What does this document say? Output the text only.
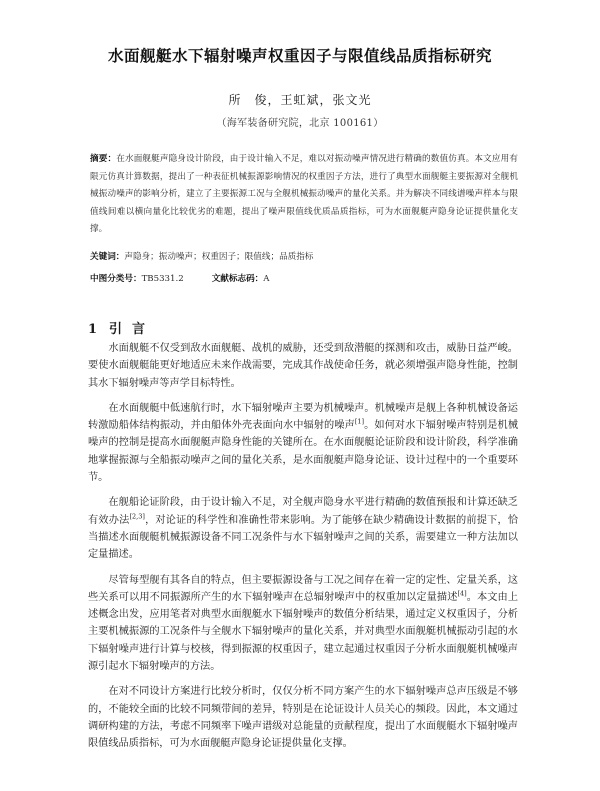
水面舰艇水下辐射噪声权重因子与限值线品质指标研究
所　俊，王虹斌，张文光
（海军装备研究院，北京 100161）
摘要：在水面舰艇声隐身设计阶段，由于设计输入不足，难以对振动噪声情况进行精确的数值仿真。本文应用有限元仿真计算数据，提出了一种表征机械振源影响情况的权重因子方法，进行了典型水面舰艇主要振源对全舰机械振动噪声的影响分析，建立了主要振源工况与全舰机械振动噪声的量化关系。并为解决不同线谱噪声样本与限值线间难以横向量化比较优劣的难题，提出了噪声限值线优质品质指标，可为水面舰艇声隐身论证提供量化支撑。
关键词：声隐身；振动噪声；权重因子；限值线；品质指标
中图分类号：TB5331.2	文献标志码：A
1 引言

水面舰艇不仅受到敌水面舰艇、战机的威胁，还受到敌潜艇的探测和攻击，威胁日益严峻。要使水面舰艇能更好地适应未来作战需要，完成其作战使命任务，就必须增强声隐身性能，控制其水下辐射噪声等声学目标特性。

在水面舰艇中低速航行时，水下辐射噪声主要为机械噪声。机械噪声是舰上各种机械设备运转激励船体结构振动，并由船体外壳表面向水中辐射的噪声[1]。如何对水下辐射噪声特别是机械噪声的控制是提高水面舰艇声隐身性能的关键所在。在水面舰艇论证阶段和设计阶段，科学准确地掌握振源与全船振动噪声之间的量化关系，是水面舰艇声隐身论证、设计过程中的一个重要环节。

在舰船论证阶段，由于设计输入不足，对全舰声隐身水平进行精确的数值预报和计算还缺乏有效办法[2,3]，对论证的科学性和准确性带来影响。为了能够在缺少精确设计数据的前提下，恰当描述水面舰艇机械振源设备不同工况条件与水下辐射噪声之间的关系，需要建立一种方法加以定量描述。

尽管每型舰有其各自的特点，但主要振源设备与工况之间存在着一定的定性、定量关系，这些关系可以用不同振源所产生的水下辐射噪声在总辐射噪声中的权重加以定量描述[4]。本文由上述概念出发，应用笔者对典型水面舰艇水下辐射噪声的数值分析结果，通过定义权重因子，分析主要机械振源的工况条件与全舰水下辐射噪声的量化关系，并对典型水面舰艇机械振动引起的水下辐射噪声进行计算与校核，得到振源的权重因子，建立起通过权重因子分析水面舰艇机械噪声源引起水下辐射噪声的方法。

在对不同设计方案进行比较分析时，仅仅分析不同方案产生的水下辐射噪声总声压级是不够的，不能较全面的比较不同频带间的差异，特别是在论证设计人员关心的频段。因此，本文通过调研构建的方法，考虑不同频率下噪声谱级对总能量的贡献程度，提出了水面舰艇水下辐射噪声限值线品质指标，可为水面舰艇声隐身论证提供量化支撑。
